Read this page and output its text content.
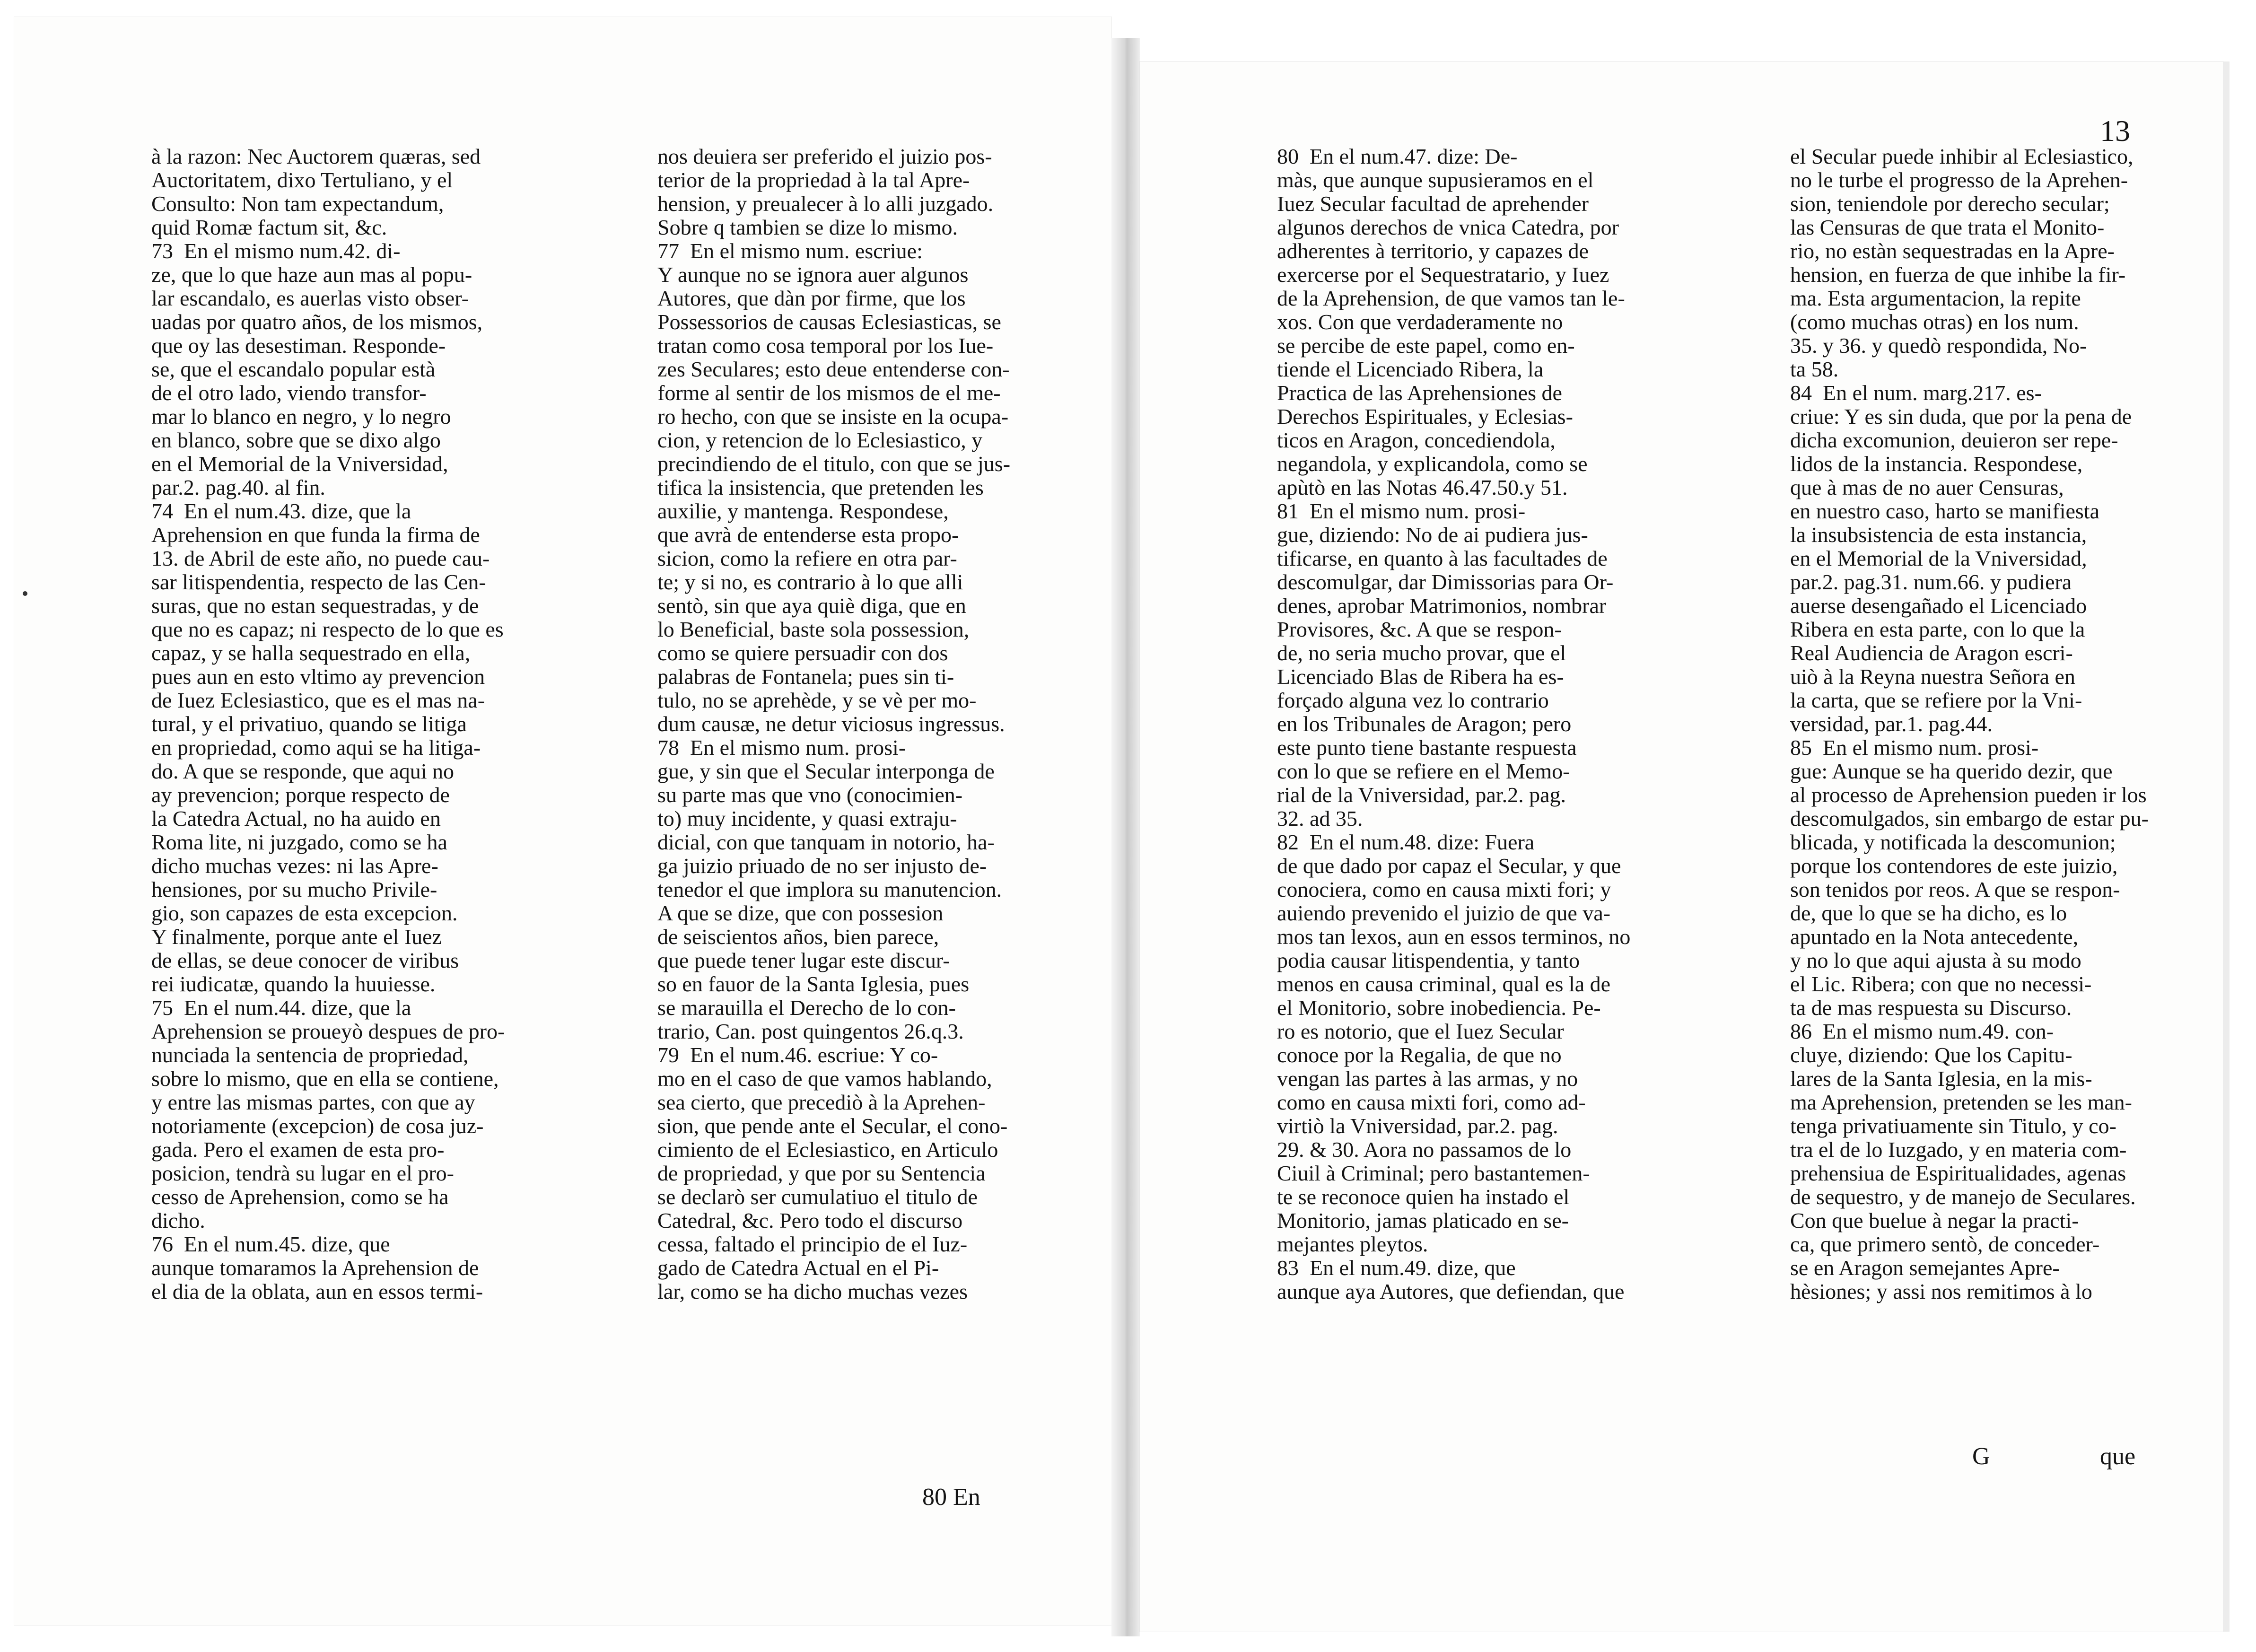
à la razon: Nec Auctorem quæras, sed
Auctoritatem, dixo Tertuliano, y el
Consulto: Non tam expectandum,
quid Romæ factum sit, &c.
73  En el mismo num.42. di-
ze, que lo que haze aun mas al popu-
lar escandalo, es auerlas visto obser-
uadas por quatro años, de los mismos,
que oy las desestiman. Responde-
se, que el escandalo popular està
de el otro lado, viendo transfor-
mar lo blanco en negro, y lo negro
en blanco, sobre que se dixo algo
en el Memorial de la Vniversidad,
par.2. pag.40. al fin.
74  En el num.43. dize, que la
Aprehension en que funda la firma de
13. de Abril de este año, no puede cau-
sar litispendentia, respecto de las Cen-
suras, que no estan sequestradas, y de
que no es capaz; ni respecto de lo que es
capaz, y se halla sequestrado en ella,
pues aun en esto vltimo ay prevencion
de Iuez Eclesiastico, que es el mas na-
tural, y el privatiuo, quando se litiga
en propriedad, como aqui se ha litiga-
do. A que se responde, que aqui no
ay prevencion; porque respecto de
la Catedra Actual, no ha auido en
Roma lite, ni juzgado, como se ha
dicho muchas vezes: ni las Apre-
hensiones, por su mucho Privile-
gio, son capazes de esta excepcion.
Y finalmente, porque ante el Iuez
de ellas, se deue conocer de viribus
rei iudicatæ, quando la huuiesse.
75  En el num.44. dize, que la
Aprehension se proueyò despues de pro-
nunciada la sentencia de propriedad,
sobre lo mismo, que en ella se contiene,
y entre las mismas partes, con que ay
notoriamente (excepcion) de cosa juz-
gada. Pero el examen de esta pro-
posicion, tendrà su lugar en el pro-
cesso de Aprehension, como se ha
dicho.
76  En el num.45. dize, que
aunque tomaramos la Aprehension de
el dia de la oblata, aun en essos termi-
nos deuiera ser preferido el juizio pos-
terior de la propriedad à la tal Apre-
hension, y preualecer à lo alli juzgado.
Sobre q tambien se dize lo mismo.
77  En el mismo num. escriue:
Y aunque no se ignora auer algunos
Autores, que dàn por firme, que los
Possessorios de causas Eclesiasticas, se
tratan como cosa temporal por los Iue-
zes Seculares; esto deue entenderse con-
forme al sentir de los mismos de el me-
ro hecho, con que se insiste en la ocupa-
cion, y retencion de lo Eclesiastico, y
precindiendo de el titulo, con que se jus-
tifica la insistencia, que pretenden les
auxilie, y mantenga. Respondese,
que avrà de entenderse esta propo-
sicion, como la refiere en otra par-
te; y si no, es contrario à lo que alli
sentò, sin que aya quiè diga, que en
lo Beneficial, baste sola possession,
como se quiere persuadir con dos
palabras de Fontanela; pues sin ti-
tulo, no se aprehède, y se vè per mo-
dum causæ, ne detur viciosus ingressus.
78  En el mismo num. prosi-
gue, y sin que el Secular interponga de
su parte mas que vno (conocimien-
to) muy incidente, y quasi extraju-
dicial, con que tanquam in notorio, ha-
ga juizio priuado de no ser injusto de-
tenedor el que implora su manutencion.
A que se dize, que con possesion
de seiscientos años, bien parece,
que puede tener lugar este discur-
so en fauor de la Santa Iglesia, pues
se marauilla el Derecho de lo con-
trario, Can. post quingentos 26.q.3.
79  En el num.46. escriue: Y co-
mo en el caso de que vamos hablando,
sea cierto, que precediò à la Aprehen-
sion, que pende ante el Secular, el cono-
cimiento de el Eclesiastico, en Articulo
de propriedad, y que por su Sentencia
se declarò ser cumulatiuo el titulo de
Catedral, &c. Pero todo el discurso
cessa, faltado el principio de el Iuz-
gado de Catedra Actual en el Pi-
lar, como se ha dicho muchas vezes
80 En
13
80  En el num.47. dize: De-
màs, que aunque supusieramos en el
Iuez Secular facultad de aprehender
algunos derechos de vnica Catedra, por
adherentes à territorio, y capazes de
exercerse por el Sequestratario, y Iuez
de la Aprehension, de que vamos tan le-
xos. Con que verdaderamente no
se percibe de este papel, como en-
tiende el Licenciado Ribera, la
Practica de las Aprehensiones de
Derechos Espirituales, y Eclesias-
ticos en Aragon, concediendola,
negandola, y explicandola, como se
apùtò en las Notas 46.47.50.y 51.
81  En el mismo num. prosi-
gue, diziendo: No de ai pudiera jus-
tificarse, en quanto à las facultades de
descomulgar, dar Dimissorias para Or-
denes, aprobar Matrimonios, nombrar
Provisores, &c. A que se respon-
de, no seria mucho provar, que el
Licenciado Blas de Ribera ha es-
forçado alguna vez lo contrario
en los Tribunales de Aragon; pero
este punto tiene bastante respuesta
con lo que se refiere en el Memo-
rial de la Vniversidad, par.2. pag.
32. ad 35.
82  En el num.48. dize: Fuera
de que dado por capaz el Secular, y que
conociera, como en causa mixti fori; y
auiendo prevenido el juizio de que va-
mos tan lexos, aun en essos terminos, no
podia causar litispendentia, y tanto
menos en causa criminal, qual es la de
el Monitorio, sobre inobediencia. Pe-
ro es notorio, que el Iuez Secular
conoce por la Regalia, de que no
vengan las partes à las armas, y no
como en causa mixti fori, como ad-
virtiò la Vniversidad, par.2. pag.
29. & 30. Aora no passamos de lo
Ciuil à Criminal; pero bastantemen-
te se reconoce quien ha instado el
Monitorio, jamas platicado en se-
mejantes pleytos.
83  En el num.49. dize, que
aunque aya Autores, que defiendan, que
el Secular puede inhibir al Eclesiastico,
no le turbe el progresso de la Aprehen-
sion, teniendole por derecho secular;
las Censuras de que trata el Monito-
rio, no estàn sequestradas en la Apre-
hension, en fuerza de que inhibe la fir-
ma. Esta argumentacion, la repite
(como muchas otras) en los num.
35. y 36. y quedò respondida, No-
ta 58.
84  En el num. marg.217. es-
criue: Y es sin duda, que por la pena de
dicha excomunion, deuieron ser repe-
lidos de la instancia. Respondese,
que à mas de no auer Censuras,
en nuestro caso, harto se manifiesta
la insubsistencia de esta instancia,
en el Memorial de la Vniversidad,
par.2. pag.31. num.66. y pudiera
auerse desengañado el Licenciado
Ribera en esta parte, con lo que la
Real Audiencia de Aragon escri-
uiò à la Reyna nuestra Señora en
la carta, que se refiere por la Vni-
versidad, par.1. pag.44.
85  En el mismo num. prosi-
gue: Aunque se ha querido dezir, que
al processo de Aprehension pueden ir los
descomulgados, sin embargo de estar pu-
blicada, y notificada la descomunion;
porque los contendores de este juizio,
son tenidos por reos. A que se respon-
de, que lo que se ha dicho, es lo
apuntado en la Nota antecedente,
y no lo que aqui ajusta à su modo
el Lic. Ribera; con que no necessi-
ta de mas respuesta su Discurso.
86  En el mismo num.49. con-
cluye, diziendo: Que los Capitu-
lares de la Santa Iglesia, en la mis-
ma Aprehension, pretenden se les man-
tenga privatiuamente sin Titulo, y co-
tra el de lo Iuzgado, y en materia com-
prehensiua de Espiritualidades, agenas
de sequestro, y de manejo de Seculares.
Con que buelue à negar la practi-
ca, que primero sentò, de conceder-
se en Aragon semejantes Apre-
hèsiones; y assi nos remitimos à lo
G	que
